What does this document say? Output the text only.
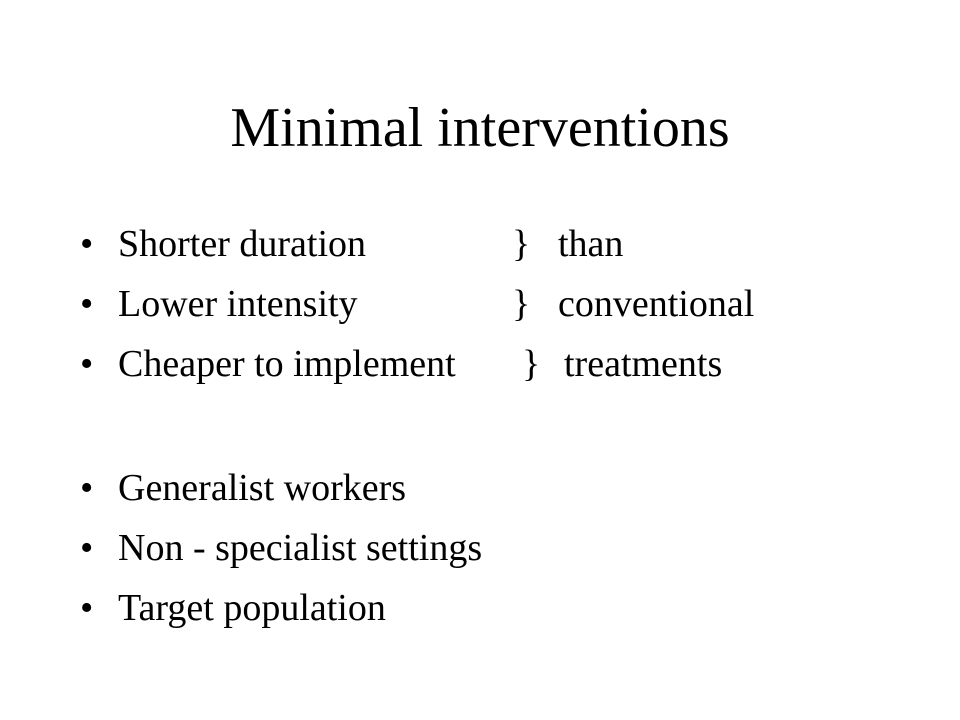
Minimal interventions
• Shorter duration	} than
• Lower intensity	} conventional
• Cheaper to implement } treatments
• Generalist workers
• Non - specialist settings
• Target population
